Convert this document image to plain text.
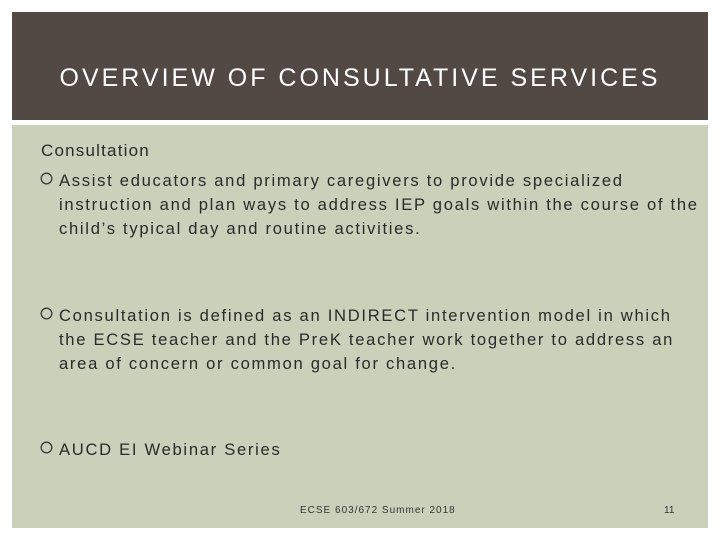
OVERVIEW OF CONSULTATIVE SERVICES
Consultation
Assist educators and primary caregivers to provide specialized instruction and plan ways to address IEP goals within the course of the child’s typical day and routine activities.
Consultation is defined as an INDIRECT intervention model in which the ECSE teacher and the PreK teacher work together to address an area of concern or common goal for change.
AUCD EI Webinar Series
ECSE 603/672 Summer 2018	11
